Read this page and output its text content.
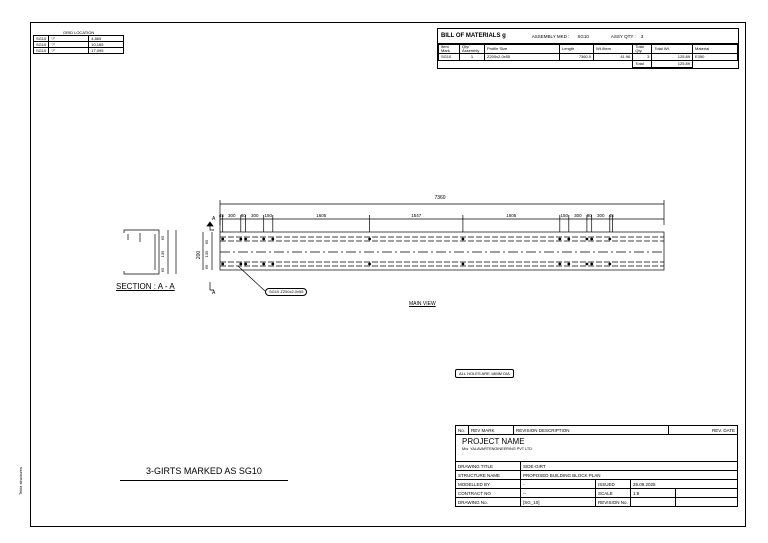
GRID LOCATION		
SG10	"/"	4,865
SG10	"/"	10,165
SG10	"/"	17,095
BILL OF MATERIALS g	ASSEMBLY MKD : SG10	ASSY QTY : 3
Item Mark	Qty/ Assembly	Profile Size	Length	Wt./Item	Total Qty.	Total Wt.	Material
SG10	1	Z200x2.0x55	7360.0	41.96	3	125.89	E350
					Total	125.89	
7360
45 300 80 300 150	1605	1547	1605	150 300 80 300 45
200
65
135
65
65
135
65
A
A	SG10 Z200x2.0x55
SECTION : A - A
MAIN VIEW
ALL HOLES ARE 18MM DIA
3-GIRTS MARKED AS SG10
Tekla structures
No.	REV MARK	REVISION DESCRIPTION	REV. DATE
PROJECT NAME
M/s. YALAVARTENGINEERING PVT LTD
.
DRAWING TITLE	SIDE-GIRT			
STRUCTURE NAME	PROPOSED BUILDING BLOCK PLAN			
MODELLED BY	-	ISSUED	29.09.2025	
CONTRACT NO	--	SCALE	1:8	
DRAWING No.	[SG_10]	REVISION No.		
